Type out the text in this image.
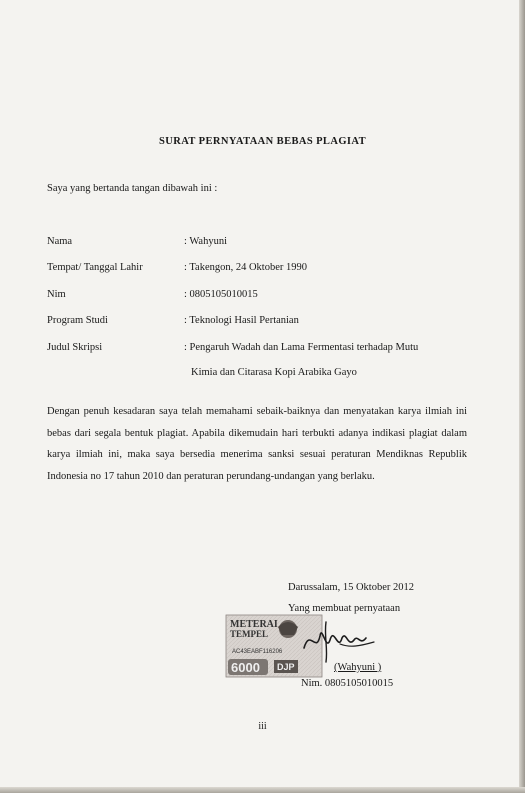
SURAT PERNYATAAN BEBAS PLAGIAT
Saya yang bertanda tangan dibawah ini :
Nama	: Wahyuni
Tempat/ Tanggal Lahir	: Takengon, 24 Oktober 1990
Nim	: 0805105010015
Program Studi	: Teknologi Hasil Pertanian
Judul Skripsi	: Pengaruh Wadah dan Lama Fermentasi terhadap Mutu
Kimia dan Citarasa Kopi Arabika Gayo
Dengan penuh kesadaran saya telah memahami sebaik-baiknya dan menyatakan karya ilmiah ini bebas dari segala bentuk plagiat. Apabila dikemudain hari terbukti adanya indikasi plagiat dalam karya ilmiah ini, maka saya bersedia menerima sanksi sesuai peraturan Mendiknas Republik Indonesia no 17 tahun 2010 dan peraturan perundang-undangan yang berlaku.
Darussalam, 15 Oktober 2012
Yang membuat pernyataan
METERAI
TEMPEL
AC43EABF116206
6000 DJP	(Wahyuni )
Nim. 0805105010015
iii
